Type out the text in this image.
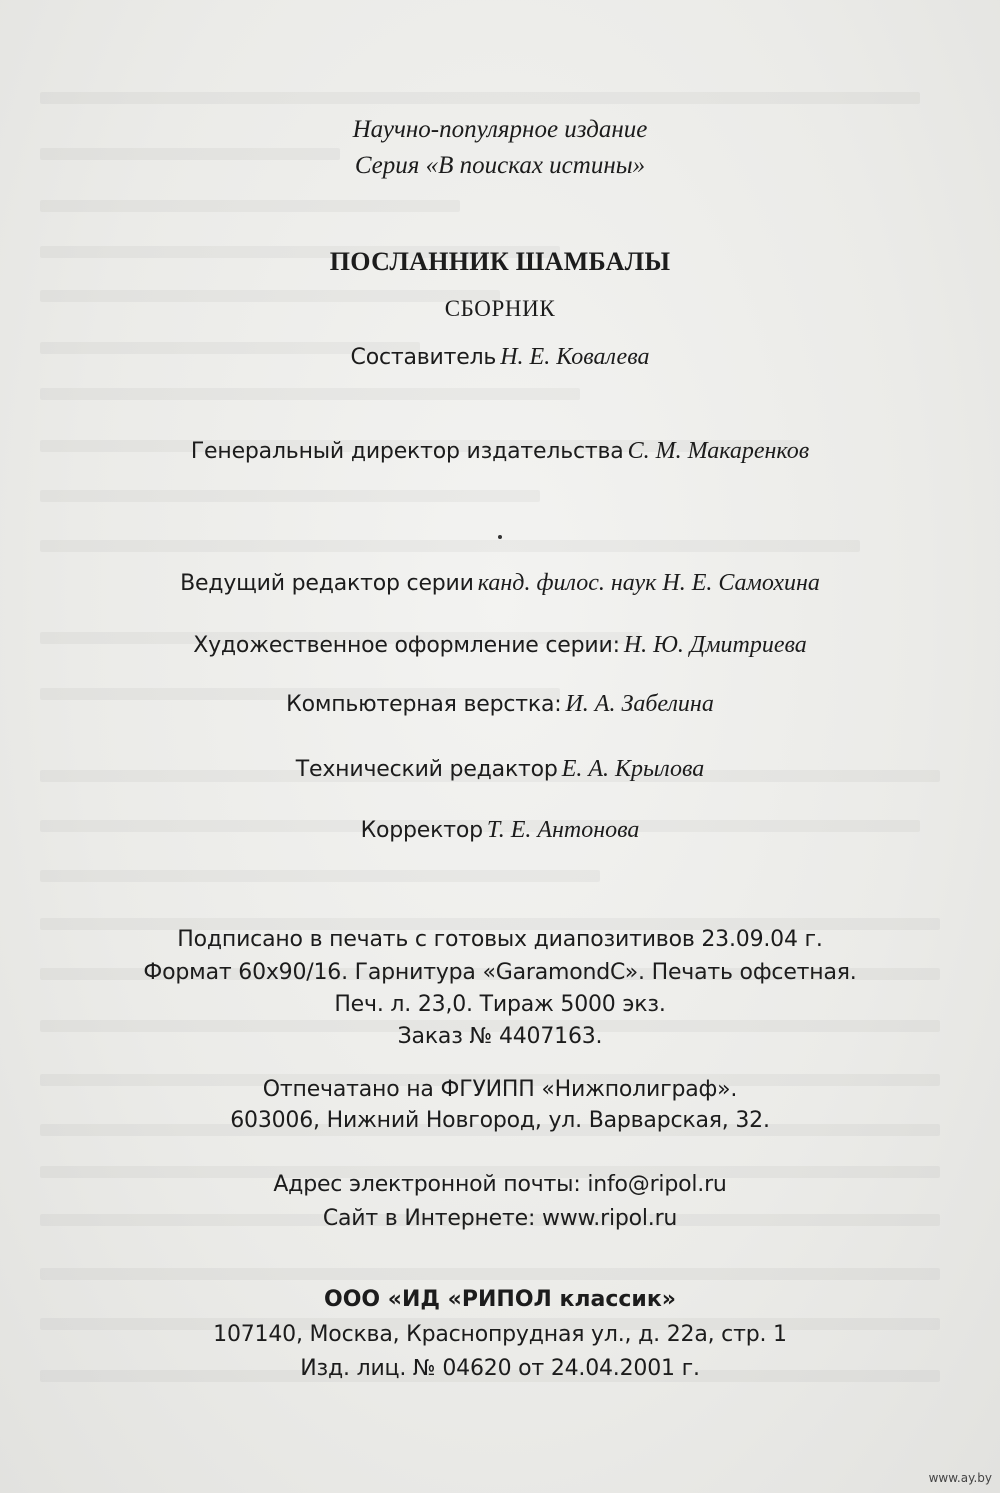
Научно-популярное издание
Серия «В поисках истины»
ПОСЛАННИК ШАМБАЛЫ
СБОРНИК
Составитель Н. Е. Ковалева
Генеральный директор издательства С. М. Макаренков
Ведущий редактор серии канд. филос. наук Н. Е. Самохина
Художественное оформление серии: Н. Ю. Дмитриева
Компьютерная верстка: И. А. Забелина
Технический редактор Е. А. Крылова
Корректор Т. Е. Антонова
Подписано в печать с готовых диапозитивов 23.09.04 г.
Формат 60х90/16. Гарнитура «GaramondC». Печать офсетная.
Печ. л. 23,0. Тираж 5000 экз.
Заказ № 4407163.
Отпечатано на ФГУИПП «Нижполиграф».
603006, Нижний Новгород, ул. Варварская, 32.
Адрес электронной почты: info@ripol.ru
Сайт в Интернете: www.ripol.ru
ООО «ИД «РИПОЛ классик»
107140, Москва, Краснопрудная ул., д. 22а, стр. 1
Изд. лиц. № 04620 от 24.04.2001 г.
www.ay.by
